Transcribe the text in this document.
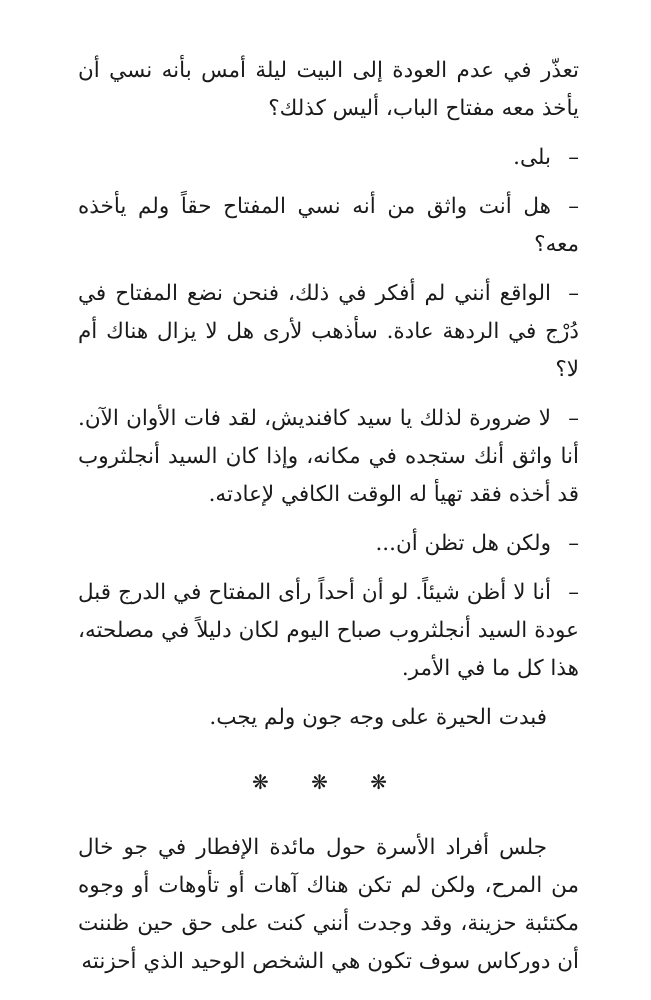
تعذّر في عدم العودة إلى البيت ليلة أمس بأنه نسي أن يأخذ معه مفتاح الباب، أليس كذلك؟

–بلى.

–هل أنت واثق من أنه نسي المفتاح حقاً ولم يأخذه معه؟

–الواقع أنني لم أفكر في ذلك، فنحن نضع المفتاح في دُرْج في الردهة عادة. سأذهب لأرى هل لا يزال هناك أم لا؟

–لا ضرورة لذلك يا سيد كافنديش، لقد فات الأوان الآن. أنا واثق أنك ستجده في مكانه، وإذا كان السيد أنجلثروب قد أخذه فقد تهيأ له الوقت الكافي لإعادته.

–ولكن هل تظن أن...

–أنا لا أظن شيئاً. لو أن أحداً رأى المفتاح في الدرج قبل عودة السيد أنجلثروب صباح اليوم لكان دليلاً في مصلحته، هذا كل ما في الأمر.

فبدت الحيرة على وجه جون ولم يجب.

❋ ❋ ❋

جلس أفراد الأسرة حول مائدة الإفطار في جو خال من المرح، ولكن لم تكن هناك آهات أو تأوهات أو وجوه مكتئبة حزينة، وقد وجدت أنني كنت على حق حين ظننت أن دوركاس سوف تكون هي الشخص الوحيد الذي أحزنته
